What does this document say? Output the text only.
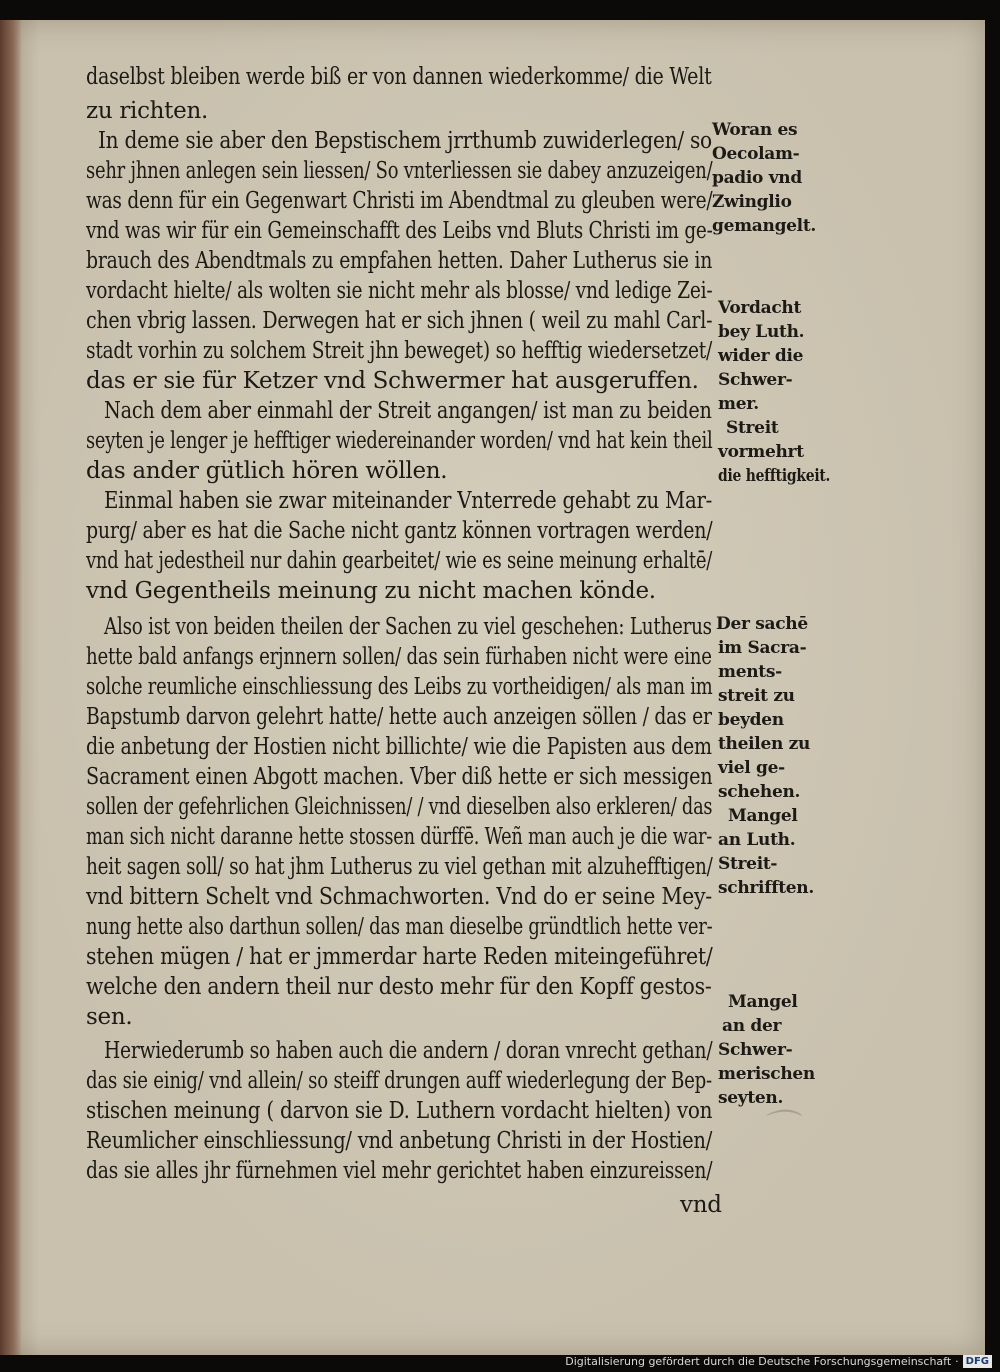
daselbst bleiben werde biß er von dannen wiederkomme/ die Welt

zu richten.

In deme sie aber den Bepstischem jrrthumb zuwiderlegen/ so

sehr jhnen anlegen sein liessen/ So vnterliessen sie dabey anzuzeigen/

was denn für ein Gegenwart Christi im Abendtmal zu gleuben were/

vnd was wir für ein Gemeinschafft des Leibs vnd Bluts Christi im ge-

brauch des Abendtmals zu empfahen hetten. Daher Lutherus sie in

vordacht hielte/ als wolten sie nicht mehr als blosse/ vnd ledige Zei-

chen vbrig lassen. Derwegen hat er sich jhnen ( weil zu mahl Carl-

stadt vorhin zu solchem Streit jhn beweget) so hefftig wiedersetzet/

das er sie für Ketzer vnd Schwermer hat ausgeruffen.

Nach dem aber einmahl der Streit angangen/ ist man zu beiden

seyten je lenger je hefftiger wiedereinander worden/ vnd hat kein theil

das ander gütlich hören wöllen.

Einmal haben sie zwar miteinander Vnterrede gehabt zu Mar-

purg/ aber es hat die Sache nicht gantz können vortragen werden/

vnd hat jedestheil nur dahin gearbeitet/ wie es seine meinung erhaltē/

vnd Gegentheils meinung zu nicht machen könde.

Also ist von beiden theilen der Sachen zu viel geschehen: Lutherus

hette bald anfangs erjnnern sollen/ das sein fürhaben nicht were eine

solche reumliche einschliessung des Leibs zu vortheidigen/ als man im

Bapstumb darvon gelehrt hatte/ hette auch anzeigen söllen / das er

die anbetung der Hostien nicht billichte/ wie die Papisten aus dem

Sacrament einen Abgott machen. Vber diß hette er sich messigen

sollen der gefehrlichen Gleichnissen/ / vnd dieselben also erkleren/ das

man sich nicht daranne hette stossen dürffē. Weñ man auch je die war-

heit sagen soll/ so hat jhm Lutherus zu viel gethan mit alzuhefftigen/

vnd bittern Schelt vnd Schmachworten. Vnd do er seine Mey-

nung hette also darthun sollen/ das man dieselbe gründtlich hette ver-

stehen mügen / hat er jmmerdar harte Reden miteingeführet/

welche den andern theil nur desto mehr für den Kopff gestos-

sen.

Herwiederumb so haben auch die andern / doran vnrecht gethan/

das sie einig/ vnd allein/ so steiff drungen auff wiederlegung der Bep-

stischen meinung ( darvon sie D. Luthern vordacht hielten) von

Reumlicher einschliessung/ vnd anbetung Christi in der Hostien/

das sie alles jhr fürnehmen viel mehr gerichtet haben einzureissen/

Woran es

Oecolam-

padio vnd

Zwinglio

gemangelt.

Vordacht

bey Luth.

wider die

Schwer-

mer.

Streit

vormehrt

die hefftigkeit.

Der sachē

im Sacra-

ments-

streit zu

beyden

theilen zu

viel ge-

schehen.

Mangel

an Luth.

Streit-

schrifften.

Mangel

an der

Schwer-

merischen

seyten.

vnd

⌒
Digitalisierung gefördert durch die Deutsche Forschungsgemeinschaft · DFG
